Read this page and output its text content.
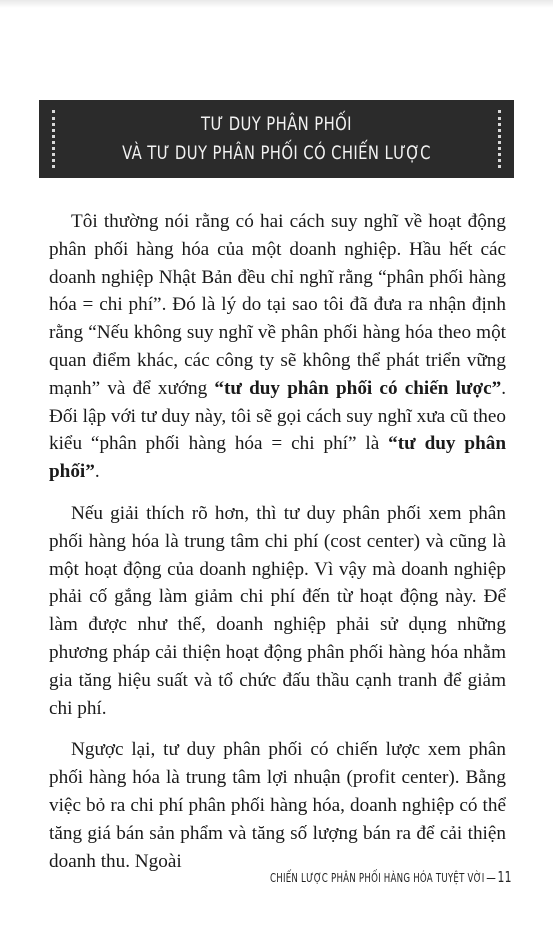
TƯ DUY PHÂN PHỐI
VÀ TƯ DUY PHÂN PHỐI CÓ CHIẾN LƯỢC

Tôi thường nói rằng có hai cách suy nghĩ về hoạt động phân phối hàng hóa của một doanh nghiệp. Hầu hết các doanh nghiệp Nhật Bản đều chỉ nghĩ rằng “phân phối hàng hóa = chi phí”. Đó là lý do tại sao tôi đã đưa ra nhận định rằng “Nếu không suy nghĩ về phân phối hàng hóa theo một quan điểm khác, các công ty sẽ không thể phát triển vững mạnh” và để xướng “tư duy phân phối có chiến lược”. Đối lập với tư duy này, tôi sẽ gọi cách suy nghĩ xưa cũ theo kiểu “phân phối hàng hóa = chi phí” là “tư duy phân phối”.

Nếu giải thích rõ hơn, thì tư duy phân phối xem phân phối hàng hóa là trung tâm chi phí (cost center) và cũng là một hoạt động của doanh nghiệp. Vì vậy mà doanh nghiệp phải cố gắng làm giảm chi phí đến từ hoạt động này. Để làm được như thế, doanh nghiệp phải sử dụng những phương pháp cải thiện hoạt động phân phối hàng hóa nhằm gia tăng hiệu suất và tổ chức đấu thầu cạnh tranh để giảm chi phí.

Ngược lại, tư duy phân phối có chiến lược xem phân phối hàng hóa là trung tâm lợi nhuận (profit center). Bằng việc bỏ ra chi phí phân phối hàng hóa, doanh nghiệp có thể tăng giá bán sản phẩm và tăng số lượng bán ra để cải thiện doanh thu. Ngoài

CHIẾN LƯỢC PHÂN PHỐI HÀNG HÓA TUYỆT VỜI 11
